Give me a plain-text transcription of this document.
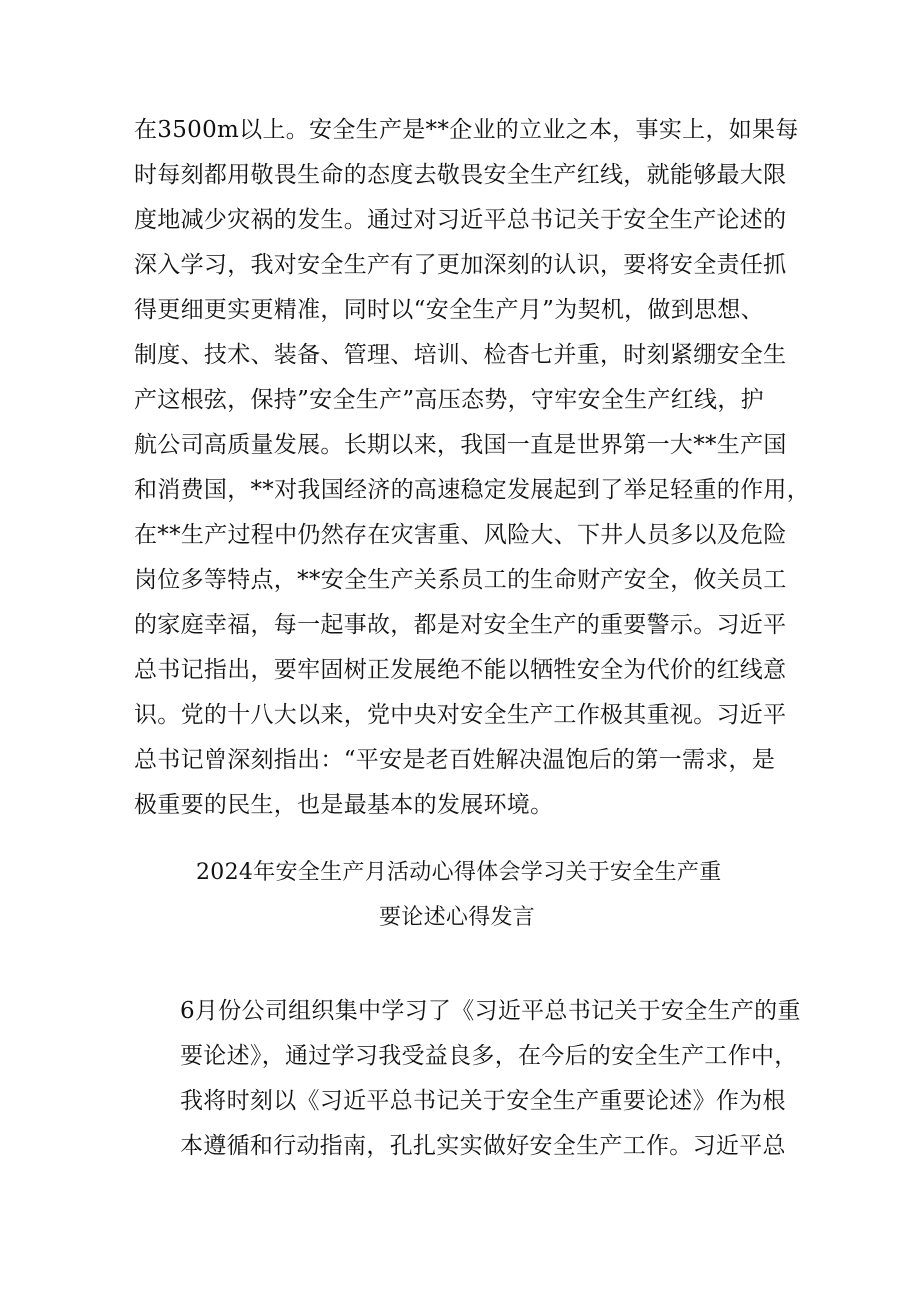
在3500m以上。安全生产是**企业的立业之本，事实上，如果每

时每刻都用敬畏生命的态度去敬畏安全生产红线，就能够最大限

度地减少灾祸的发生。通过对习近平总书记关于安全生产论述的

深入学习，我对安全生产有了更加深刻的认识，要将安全责任抓

得更细更实更精准，同时以“安全生产月”为契机，做到思想、

制度、技术、装备、管理、培训、检杳七并重，时刻紧绷安全生

产这根弦，保持”安全生产”高压态势，守牢安全生产红线，护

航公司高质量发展。长期以来，我国一直是世界第一大**生产国

和消费国，**对我国经济的高速稳定发展起到了举足轻重的作用，

在**生产过程中仍然存在灾害重、风险大、下井人员多以及危险

岗位多等特点，**安全生产关系员工的生命财产安全，攸关员工

的家庭幸福，每一起事故，都是对安全生产的重要警示。习近平

总书记指出，要牢固树正发展绝不能以牺牲安全为代价的红线意

识。党的十八大以来，党中央对安全生产工作极其重视。习近平

总书记曾深刻指出：“平安是老百姓解决温饱后的第一需求，是

极重要的民生，也是最基本的发展环境。

2024年安全生产月活动心得体会学习关于安全生产重

要论述心得发言

6月份公司组织集中学习了《习近平总书记关于安全生产的重

要论述》，通过学习我受益良多，在今后的安全生产工作中，

我将时刻以《习近平总书记关于安全生产重要论述》作为根

本遵循和行动指南，孔扎实实做好安全生产工作。习近平总
